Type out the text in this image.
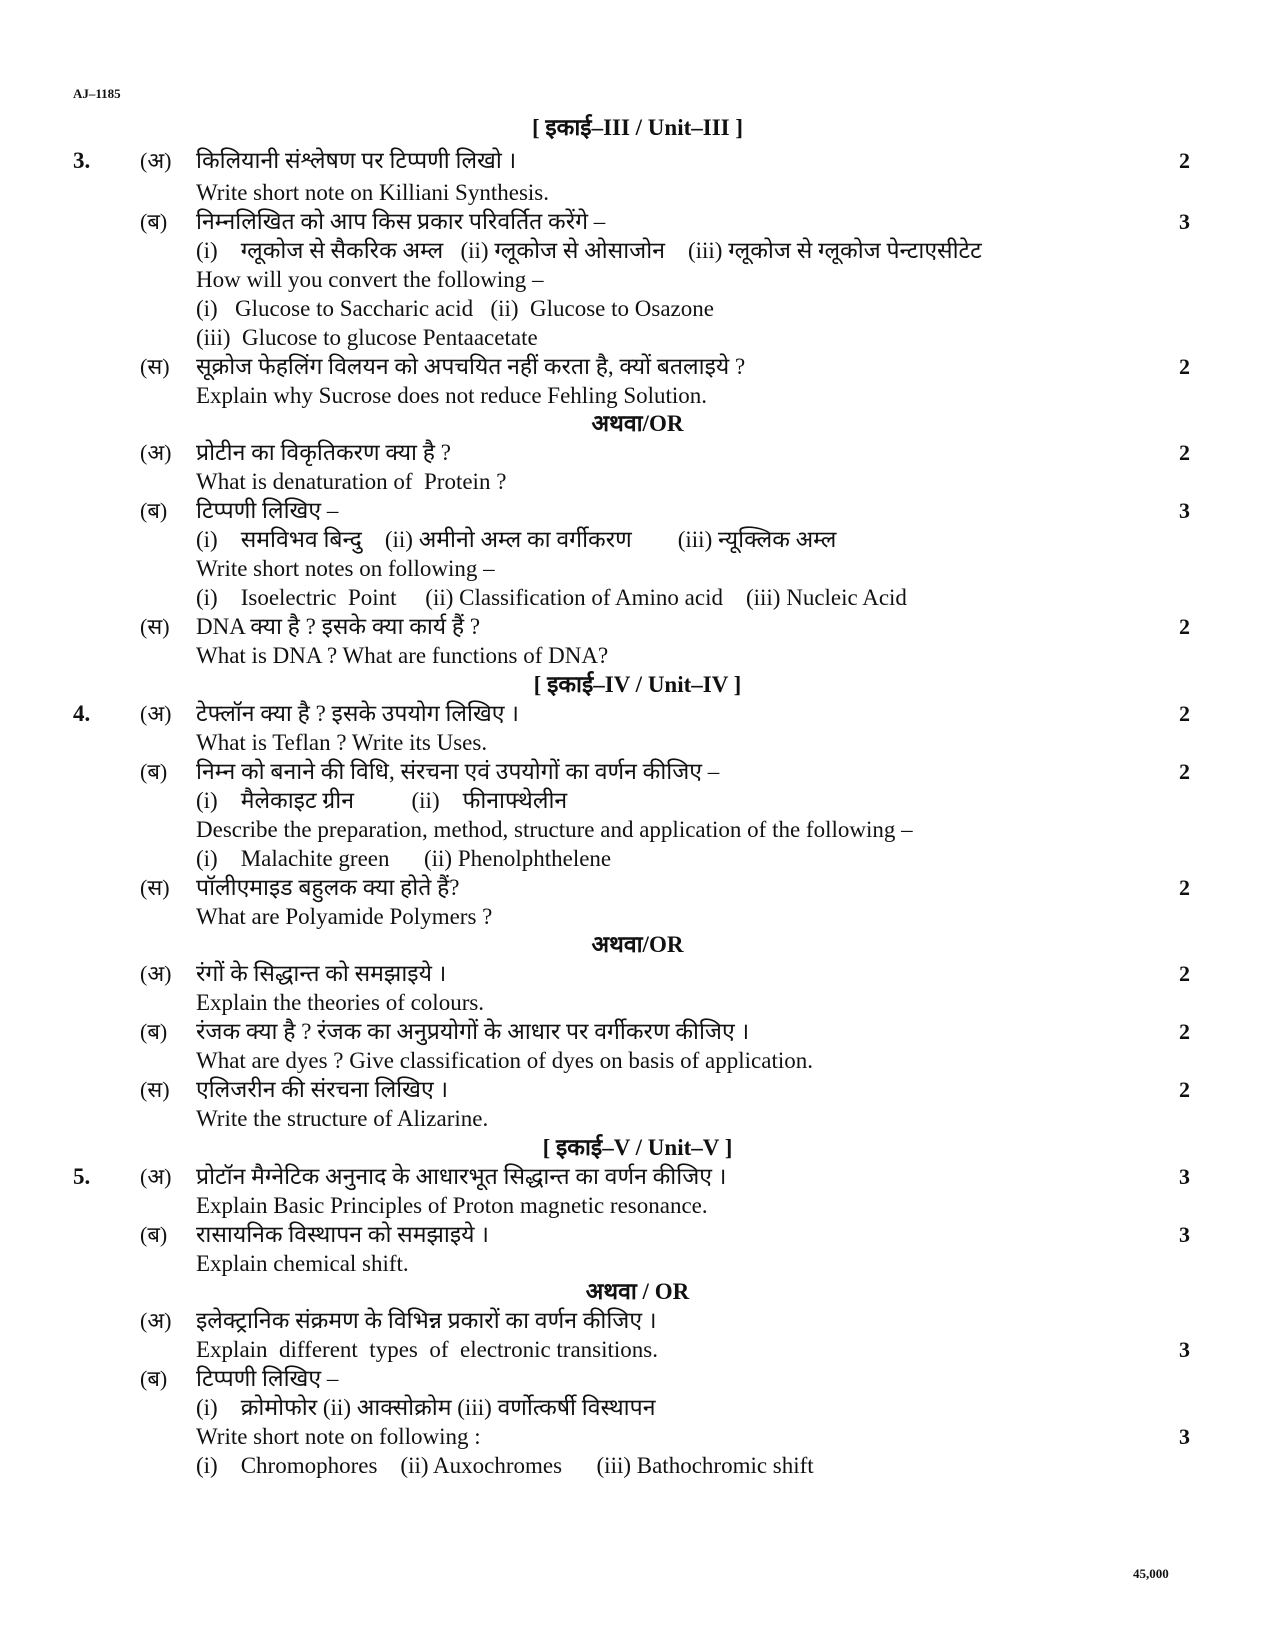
AJ–1185
[ इकाई–III / Unit–III ]
3. (अ) किलियानी संश्लेषण पर टिप्पणी लिखो ।	2
Write short note on Killiani Synthesis.
(ब) निम्नलिखित को आप किस प्रकार परिवर्तित करेंगे –	3
(i)    ग्लूकोज से सैकरिक अम्ल   (ii) ग्लूकोज से ओसाजोन    (iii) ग्लूकोज से ग्लूकोज पेन्टाएसीटेट
How will you convert the following –
(i)   Glucose to Saccharic acid   (ii)  Glucose to Osazone
(iii)  Glucose to glucose Pentaacetate
(स) सूक्रोज फेहलिंग विलयन को अपचयित नहीं करता है, क्यों बतलाइये ?	2
Explain why Sucrose does not reduce Fehling Solution.
अथवा/OR
(अ) प्रोटीन का विकृतिकरण क्या है ?	2
What is denaturation of  Protein ?
(ब) टिप्पणी लिखिए –	3
(i)    समविभव बिन्दु    (ii) अमीनो अम्ल का वर्गीकरण        (iii) न्यूक्लिक अम्ल
Write short notes on following –
(i)    Isoelectric  Point     (ii) Classification of Amino acid    (iii) Nucleic Acid
(स) DNA क्या है ? इसके क्या कार्य हैं ?	2
What is DNA ? What are functions of DNA?
[ इकाई–IV / Unit–IV ]
4. (अ) टेफ्लॉन क्या है ? इसके उपयोग लिखिए ।	2
What is Teflan ? Write its Uses.
(ब) निम्न को बनाने की विधि, संरचना एवं उपयोगों का वर्णन कीजिए –	2
(i)    मैलेकाइट ग्रीन          (ii)    फीनाफ्थेलीन
Describe the preparation, method, structure and application of the following –
(i)    Malachite green      (ii) Phenolphthelene
(स) पॉलीएमाइड बहुलक क्या होते हैं?	2
What are Polyamide Polymers ?
अथवा/OR
(अ) रंगों के सिद्धान्त को समझाइये ।	2
Explain the theories of colours.
(ब) रंजक क्या है ? रंजक का अनुप्रयोगों के आधार पर वर्गीकरण कीजिए ।	2
What are dyes ? Give classification of dyes on basis of application.
(स) एलिजरीन की संरचना लिखिए ।	2
Write the structure of Alizarine.
[ इकाई–V / Unit–V ]
5. (अ) प्रोटॉन मैग्नेटिक अनुनाद के आधारभूत सिद्धान्त का वर्णन कीजिए ।	3
Explain Basic Principles of Proton magnetic resonance.
(ब) रासायनिक विस्थापन को समझाइये ।	3
Explain chemical shift.
अथवा / OR
(अ) इलेक्ट्रानिक संक्रमण के विभिन्न प्रकारों का वर्णन कीजिए ।
Explain  different  types  of  electronic transitions.	3
(ब) टिप्पणी लिखिए –
(i)    क्रोमोफोर (ii) आक्सोक्रोम (iii) वर्णोत्कर्षी विस्थापन
Write short note on following :	3
(i)    Chromophores    (ii) Auxochromes      (iii) Bathochromic shift
45,000
